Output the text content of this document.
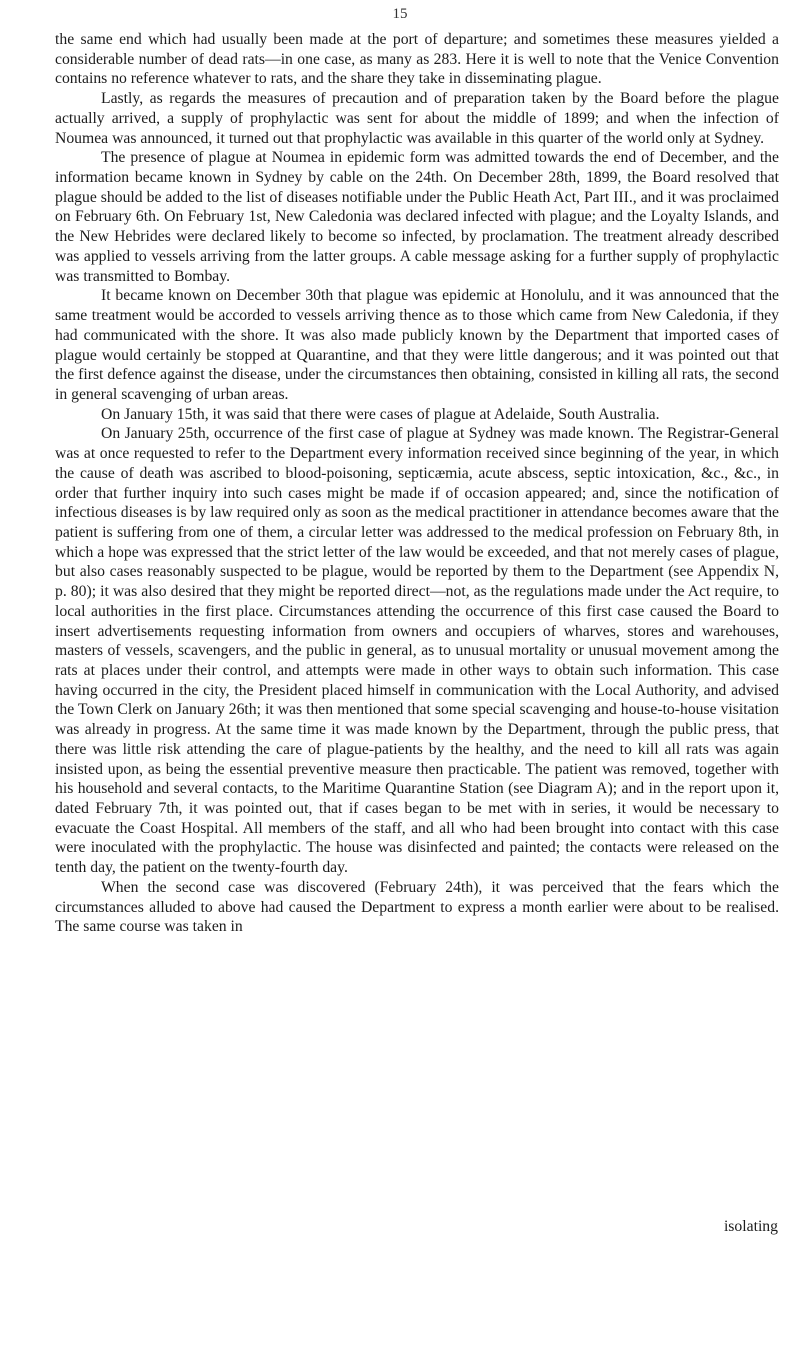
15

the same end which had usually been made at the port of departure; and sometimes these measures yielded a considerable number of dead rats—in one case, as many as 283. Here it is well to note that the Venice Convention contains no reference whatever to rats, and the share they take in disseminating plague.

Lastly, as regards the measures of precaution and of preparation taken by the Board before the plague actually arrived, a supply of prophylactic was sent for about the middle of 1899; and when the infection of Noumea was announced, it turned out that prophylactic was available in this quarter of the world only at Sydney.

The presence of plague at Noumea in epidemic form was admitted towards the end of December, and the information became known in Sydney by cable on the 24th. On December 28th, 1899, the Board resolved that plague should be added to the list of diseases notifiable under the Public Heath Act, Part III., and it was proclaimed on February 6th. On February 1st, New Caledonia was declared infected with plague; and the Loyalty Islands, and the New Hebrides were declared likely to become so infected, by proclamation. The treatment already described was applied to vessels arriving from the latter groups. A cable message asking for a further supply of prophylactic was transmitted to Bombay.

It became known on December 30th that plague was epidemic at Honolulu, and it was announced that the same treatment would be accorded to vessels arriving thence as to those which came from New Caledonia, if they had communicated with the shore. It was also made publicly known by the Department that imported cases of plague would certainly be stopped at Quarantine, and that they were little dangerous; and it was pointed out that the first defence against the disease, under the circumstances then obtaining, consisted in killing all rats, the second in general scavenging of urban areas.

On January 15th, it was said that there were cases of plague at Adelaide, South Australia.

On January 25th, occurrence of the first case of plague at Sydney was made known. The Registrar-General was at once requested to refer to the Department every information received since beginning of the year, in which the cause of death was ascribed to blood-poisoning, septicæmia, acute abscess, septic intoxication, &c., &c., in order that further inquiry into such cases might be made if of occasion appeared; and, since the notification of infectious diseases is by law required only as soon as the medical practitioner in attendance becomes aware that the patient is suffering from one of them, a circular letter was addressed to the medical profession on February 8th, in which a hope was expressed that the strict letter of the law would be exceeded, and that not merely cases of plague, but also cases reasonably suspected to be plague, would be reported by them to the Department (see Appendix N, p. 80); it was also desired that they might be reported direct—not, as the regulations made under the Act require, to local authorities in the first place. Circumstances attending the occurrence of this first case caused the Board to insert advertisements requesting information from owners and occupiers of wharves, stores and warehouses, masters of vessels, scavengers, and the public in general, as to unusual mortality or unusual movement among the rats at places under their control, and attempts were made in other ways to obtain such information. This case having occurred in the city, the President placed himself in communication with the Local Authority, and advised the Town Clerk on January 26th; it was then mentioned that some special scavenging and house-to-house visitation was already in progress. At the same time it was made known by the Department, through the public press, that there was little risk attending the care of plague-patients by the healthy, and the need to kill all rats was again insisted upon, as being the essential preventive measure then practicable. The patient was removed, together with his household and several contacts, to the Maritime Quarantine Station (see Diagram A); and in the report upon it, dated February 7th, it was pointed out, that if cases began to be met with in series, it would be necessary to evacuate the Coast Hospital. All members of the staff, and all who had been brought into contact with this case were inoculated with the prophylactic. The house was disinfected and painted; the contacts were released on the tenth day, the patient on the twenty-fourth day.

When the second case was discovered (February 24th), it was perceived that the fears which the circumstances alluded to above had caused the Department to express a month earlier were about to be realised. The same course was taken in

isolating
